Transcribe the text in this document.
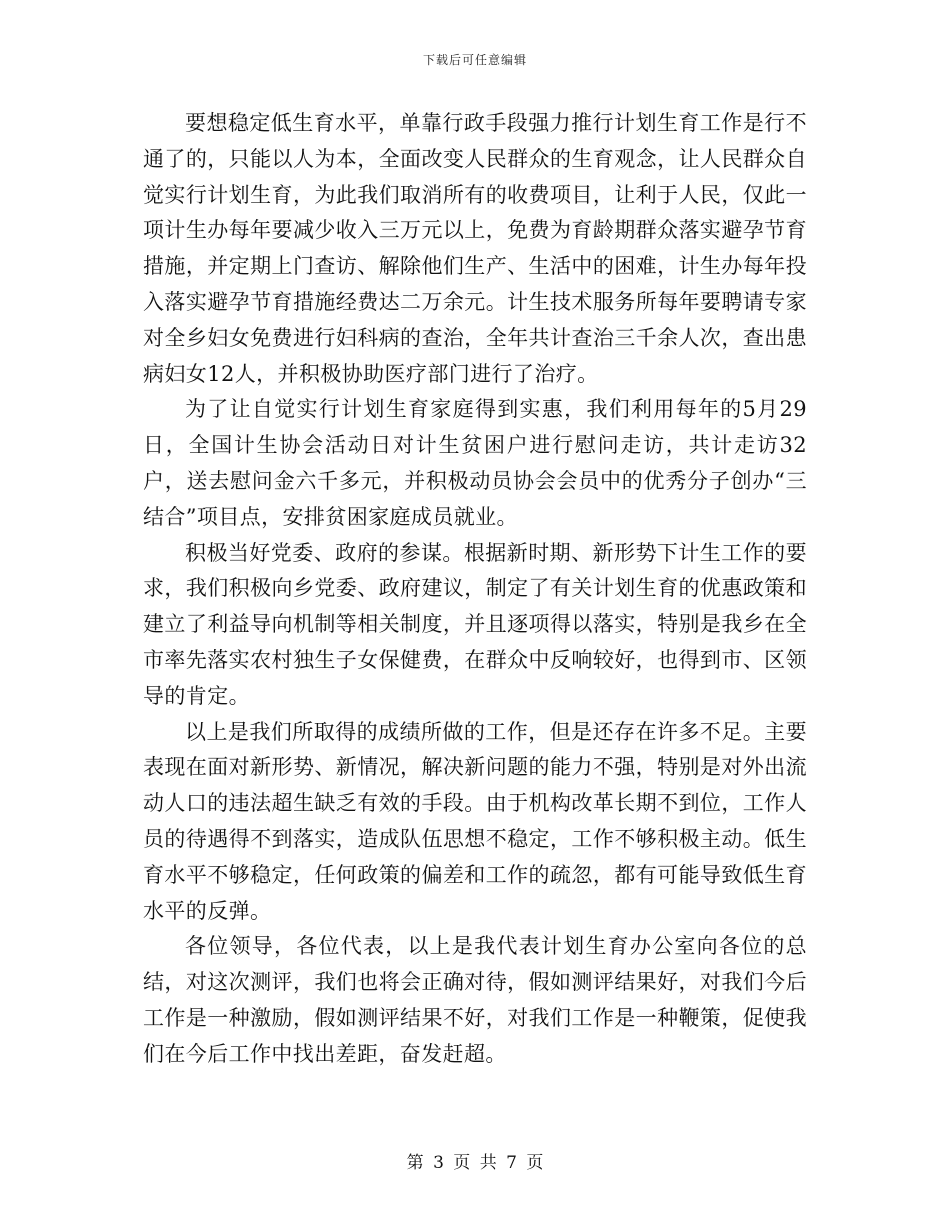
下载后可任意编辑

要想稳定低生育水平，单靠行政手段强力推行计划生育工作是行不通了的，只能以人为本，全面改变人民群众的生育观念，让人民群众自觉实行计划生育，为此我们取消所有的收费项目，让利于人民，仅此一项计生办每年要减少收入三万元以上，免费为育龄期群众落实避孕节育措施，并定期上门查访、解除他们生产、生活中的困难，计生办每年投入落实避孕节育措施经费达二万余元。计生技术服务所每年要聘请专家对全乡妇女免费进行妇科病的查治，全年共计查治三千余人次，查出患病妇女12人，并积极协助医疗部门进行了治疗。

为了让自觉实行计划生育家庭得到实惠，我们利用每年的5月29日，全国计生协会活动日对计生贫困户进行慰问走访，共计走访32户，送去慰问金六千多元，并积极动员协会会员中的优秀分子创办“三结合”项目点，安排贫困家庭成员就业。

积极当好党委、政府的参谋。根据新时期、新形势下计生工作的要求，我们积极向乡党委、政府建议，制定了有关计划生育的优惠政策和建立了利益导向机制等相关制度，并且逐项得以落实，特别是我乡在全市率先落实农村独生子女保健费，在群众中反响较好，也得到市、区领导的肯定。

以上是我们所取得的成绩所做的工作，但是还存在许多不足。主要表现在面对新形势、新情况，解决新问题的能力不强，特别是对外出流动人口的违法超生缺乏有效的手段。由于机构改革长期不到位，工作人员的待遇得不到落实，造成队伍思想不稳定，工作不够积极主动。低生育水平不够稳定，任何政策的偏差和工作的疏忽，都有可能导致低生育水平的反弹。

各位领导，各位代表，以上是我代表计划生育办公室向各位的总结，对这次测评，我们也将会正确对待，假如测评结果好，对我们今后工作是一种激励，假如测评结果不好，对我们工作是一种鞭策，促使我们在今后工作中找出差距，奋发赶超。

第 3 页 共 7 页
